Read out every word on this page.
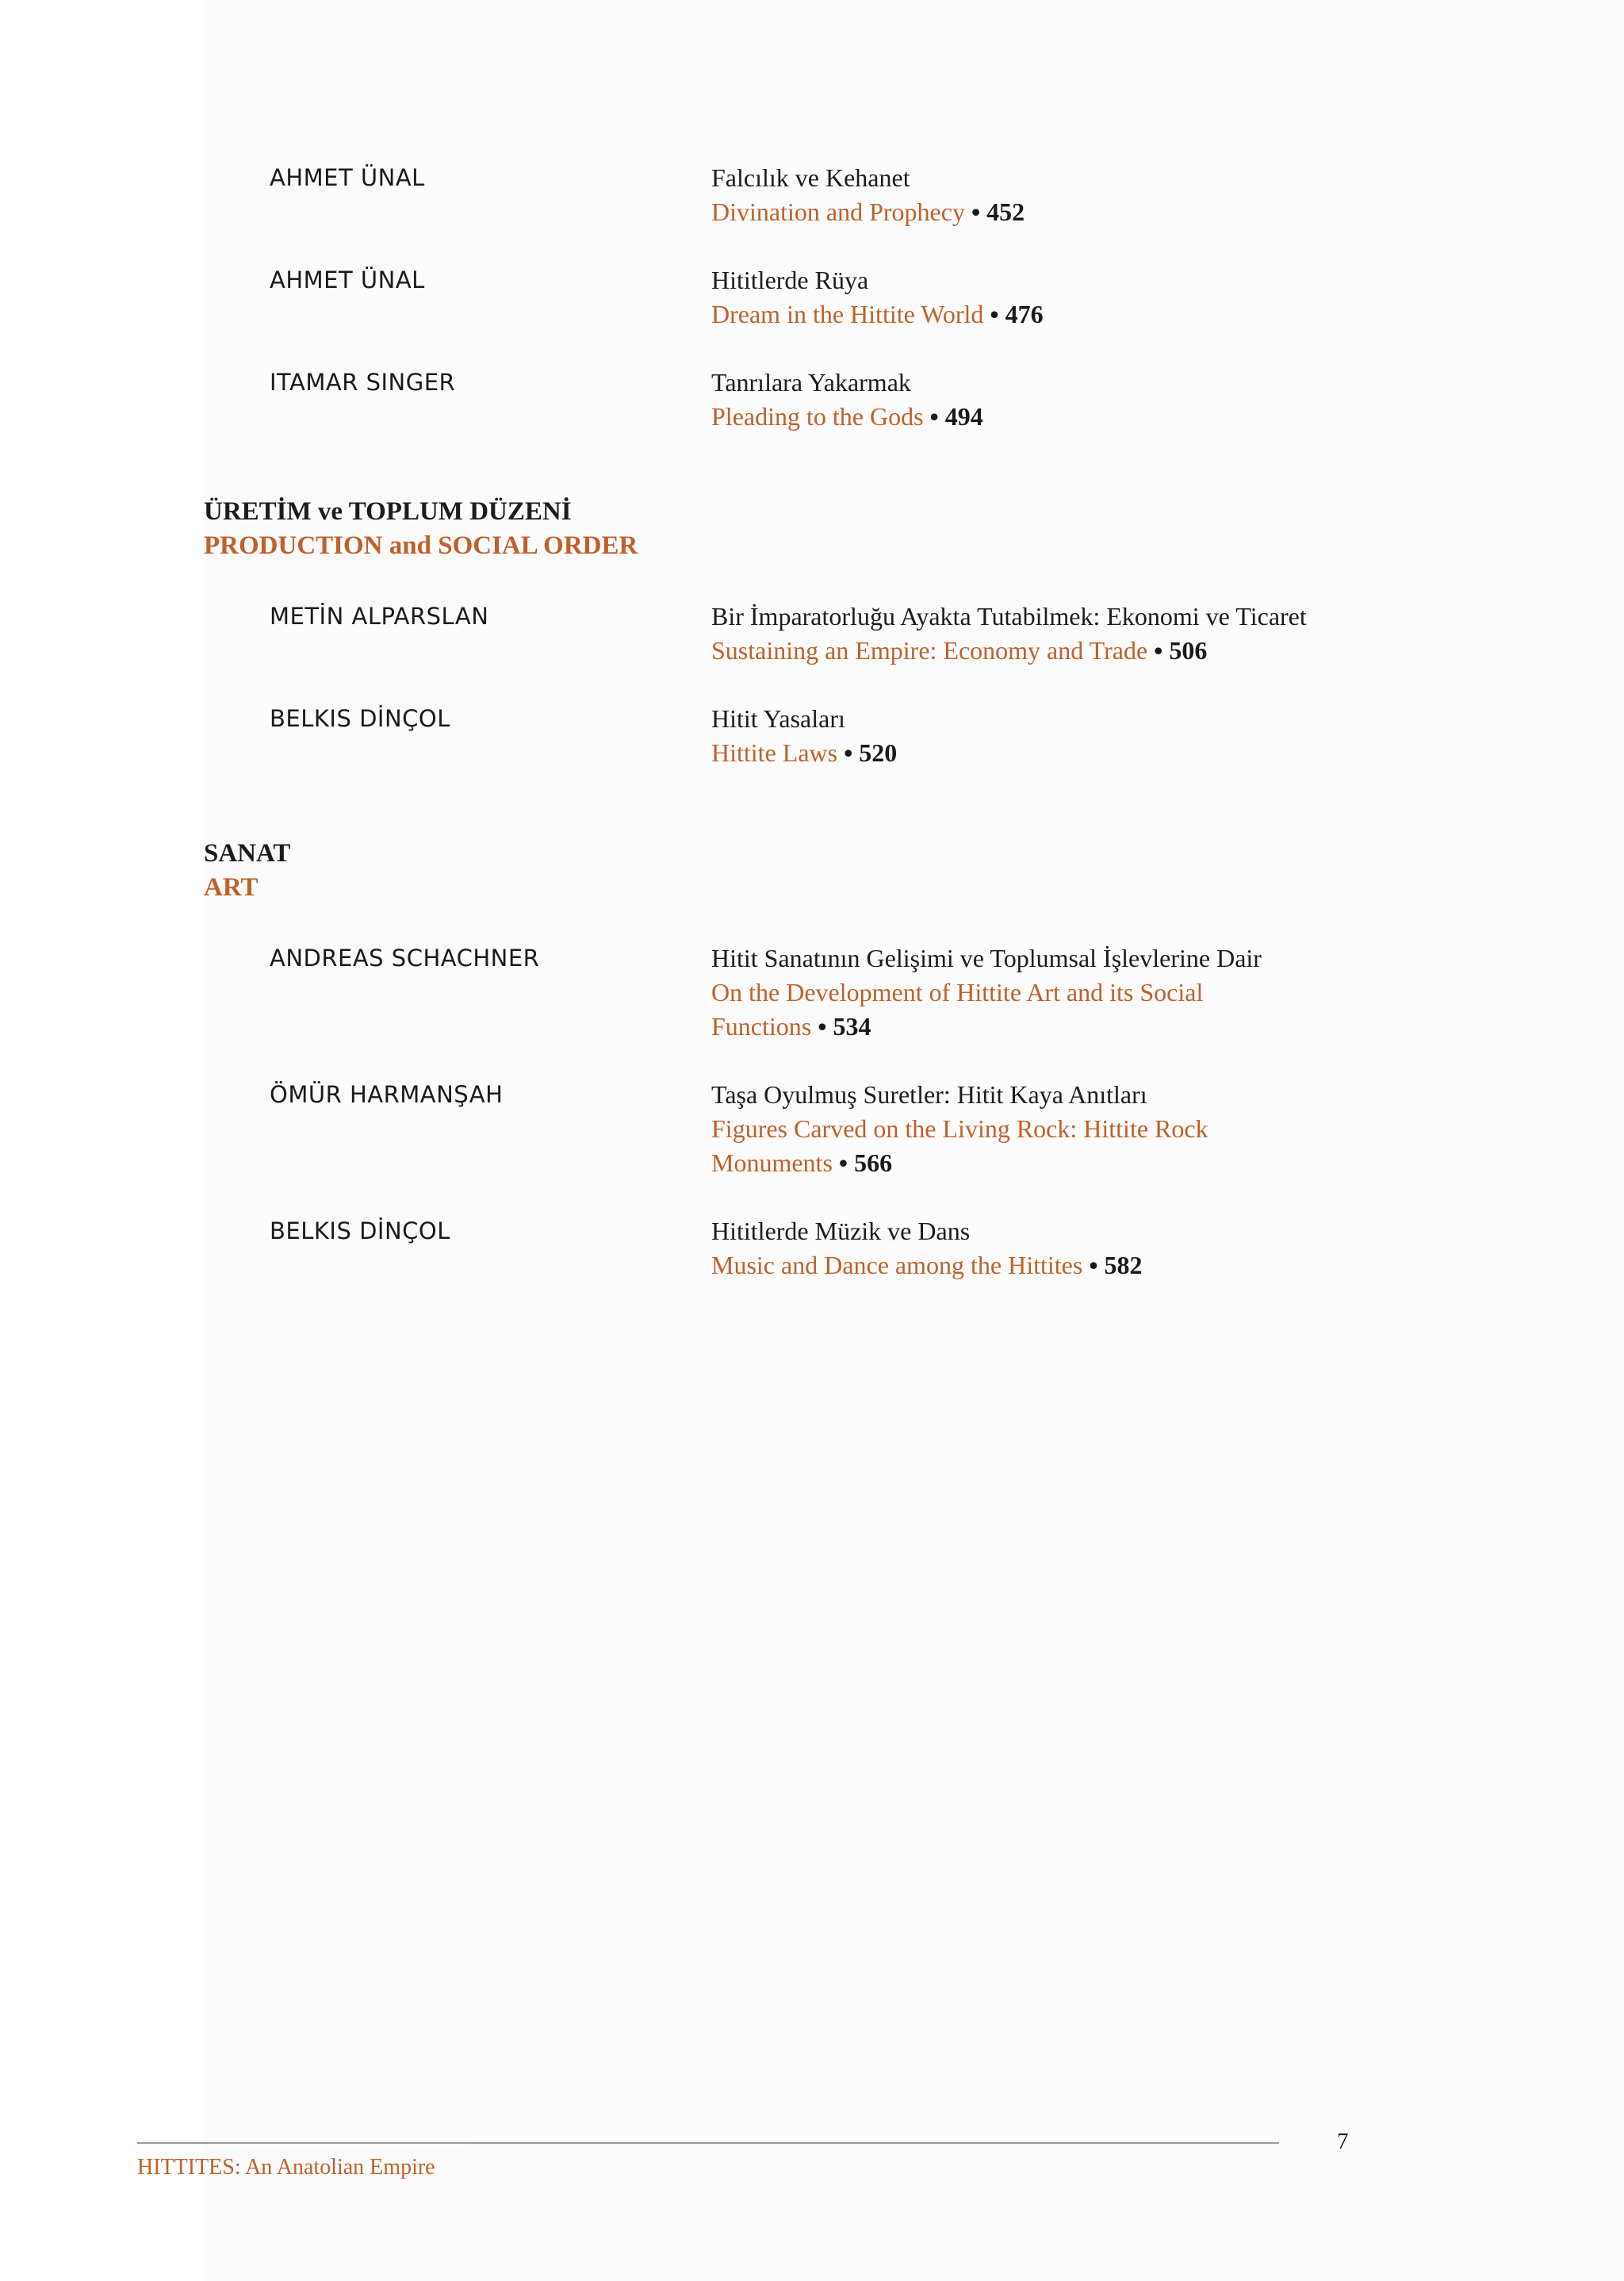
AHMET ÜNAL	Falcılık ve Kehanet
Divination and Prophecy • 452
AHMET ÜNAL	Hititlerde Rüya
Dream in the Hittite World • 476
ITAMAR SINGER	Tanrılara Yakarmak
Pleading to the Gods • 494
ÜRETİM ve TOPLUM DÜZENİ
PRODUCTION and SOCIAL ORDER
METİN ALPARSLAN	Bir İmparatorluğu Ayakta Tutabilmek: Ekonomi ve Ticaret
Sustaining an Empire: Economy and Trade • 506
BELKIS DİNÇOL	Hitit Yasaları
Hittite Laws • 520
SANAT
ART
ANDREAS SCHACHNER	Hitit Sanatının Gelişimi ve Toplumsal İşlevlerine Dair
On the Development of Hittite Art and its Social
Functions • 534
ÖMÜR HARMANŞAH	Taşa Oyulmuş Suretler: Hitit Kaya Anıtları
Figures Carved on the Living Rock: Hittite Rock
Monuments • 566
BELKIS DİNÇOL	Hititlerde Müzik ve Dans
Music and Dance among the Hittites • 582
7
HITTITES: An Anatolian Empire
